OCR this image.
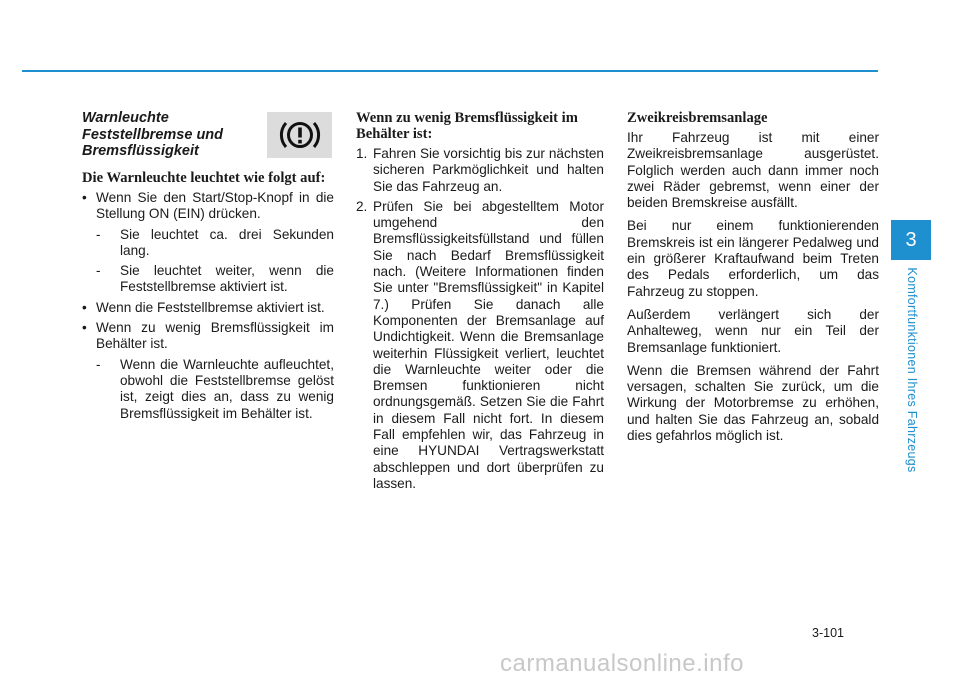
Warnleuchte
Feststellbremse und
Bremsflüssigkeit

Die Warnleuchte leuchtet wie folgt auf:

• Wenn Sie den Start/Stop-Knopf in die Stellung ON (EIN) drücken.
- Sie leuchtet ca. drei Sekunden lang.
- Sie leuchtet weiter, wenn die Feststellbremse aktiviert ist.
• Wenn die Feststellbremse aktiviert ist.
• Wenn zu wenig Bremsflüssigkeit im Behälter ist.
- Wenn die Warnleuchte aufleuchtet, obwohl die Feststellbremse gelöst ist, zeigt dies an, dass zu wenig Bremsflüssigkeit im Behälter ist.

Wenn zu wenig Bremsflüssigkeit im Behälter ist:

1. Fahren Sie vorsichtig bis zur nächsten sicheren Parkmöglichkeit und halten Sie das Fahrzeug an.
2. Prüfen Sie bei abgestelltem Motor umgehend den Bremsflüssigkeitsfüllstand und füllen Sie nach Bedarf Bremsflüssigkeit nach. (Weitere Informationen finden Sie unter "Bremsflüssigkeit" in Kapitel 7.) Prüfen Sie danach alle Komponenten der Bremsanlage auf Undichtigkeit. Wenn die Bremsanlage weiterhin Flüssigkeit verliert, leuchtet die Warnleuchte weiter oder die Bremsen funktionieren nicht ordnungsgemäß. Setzen Sie die Fahrt in diesem Fall nicht fort. In diesem Fall empfehlen wir, das Fahrzeug in eine HYUNDAI Vertragswerkstatt abschleppen und dort überprüfen zu lassen.

Zweikreisbremsanlage

Ihr Fahrzeug ist mit einer Zweikreisbremsanlage ausgerüstet. Folglich werden auch dann immer noch zwei Räder gebremst, wenn einer der beiden Bremskreise ausfällt.

Bei nur einem funktionierenden Bremskreis ist ein längerer Pedalweg und ein größerer Kraftaufwand beim Treten des Pedals erforderlich, um das Fahrzeug zu stoppen.

Außerdem verlängert sich der Anhalteweg, wenn nur ein Teil der Bremsanlage funktioniert.

Wenn die Bremsen während der Fahrt versagen, schalten Sie zurück, um die Wirkung der Motorbremse zu erhöhen, und halten Sie das Fahrzeug an, sobald dies gefahrlos möglich ist.

3
Komfortfunktionen Ihres Fahrzeugs
3-101
carmanualsonline.info
